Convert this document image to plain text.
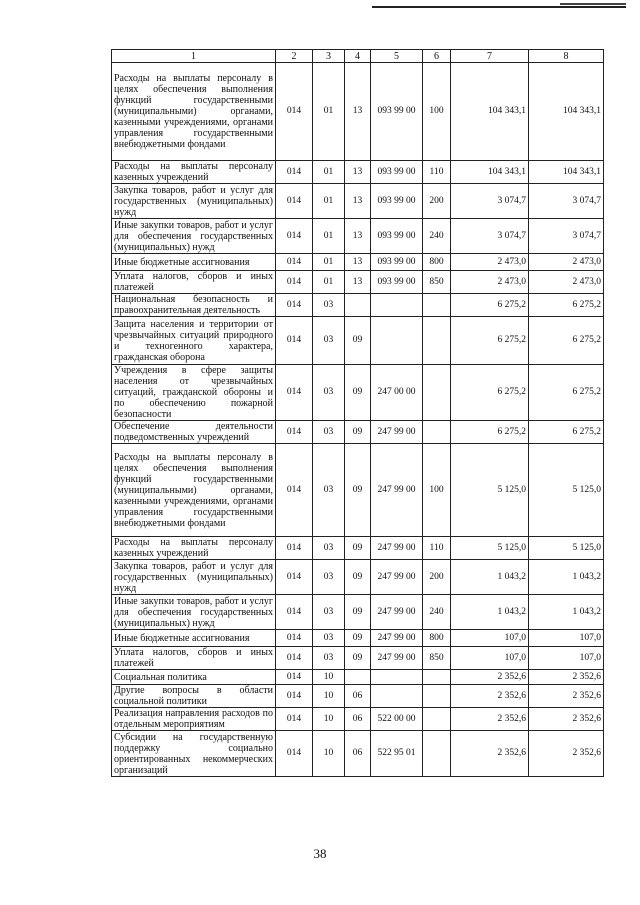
1	2	3	4	5	6	7	8
Расходы на выплаты персоналу в целях обеспечения выполнения функций государственными (муниципальными) органами, казенными учреждениями, органами управления государственными внебюджетными фондами	014	01	13	093 99 00	100	104 343,1	104 343,1
Расходы на выплаты персоналу казенных учреждений	014	01	13	093 99 00	110	104 343,1	104 343,1
Закупка товаров, работ и услуг для государственных (муниципальных) нужд	014	01	13	093 99 00	200	3 074,7	3 074,7
Иные закупки товаров, работ и услуг для обеспечения государственных (муниципальных) нужд	014	01	13	093 99 00	240	3 074,7	3 074,7
Иные бюджетные ассигнования	014	01	13	093 99 00	800	2 473,0	2 473,0
Уплата налогов, сборов и иных платежей	014	01	13	093 99 00	850	2 473,0	2 473,0
Национальная безопасность и правоохранительная деятельность	014	03				6 275,2	6 275,2
Защита населения и территории от чрезвычайных ситуаций природного и техногенного характера, гражданская оборона	014	03	09			6 275,2	6 275,2
Учреждения в сфере защиты населения от чрезвычайных ситуаций, гражданской обороны и по обеспечению пожарной безопасности	014	03	09	247 00 00		6 275,2	6 275,2
Обеспечение деятельности подведомственных учреждений	014	03	09	247 99 00		6 275,2	6 275,2
Расходы на выплаты персоналу в целях обеспечения выполнения функций государственными (муниципальными) органами, казенными учреждениями, органами управления государственными внебюджетными фондами	014	03	09	247 99 00	100	5 125,0	5 125,0
Расходы на выплаты персоналу казенных учреждений	014	03	09	247 99 00	110	5 125,0	5 125,0
Закупка товаров, работ и услуг для государственных (муниципальных) нужд	014	03	09	247 99 00	200	1 043,2	1 043,2
Иные закупки товаров, работ и услуг для обеспечения государственных (муниципальных) нужд	014	03	09	247 99 00	240	1 043,2	1 043,2
Иные бюджетные ассигнования	014	03	09	247 99 00	800	107,0	107,0
Уплата налогов, сборов и иных платежей	014	03	09	247 99 00	850	107,0	107,0
Социальная политика	014	10				2 352,6	2 352,6
Другие вопросы в области социальной политики	014	10	06			2 352,6	2 352,6
Реализация направления расходов по отдельным мероприятиям	014	10	06	522 00 00		2 352,6	2 352,6
Субсидии на государственную поддержку социально ориентированных некоммерческих организаций	014	10	06	522 95 01		2 352,6	2 352,6
38
